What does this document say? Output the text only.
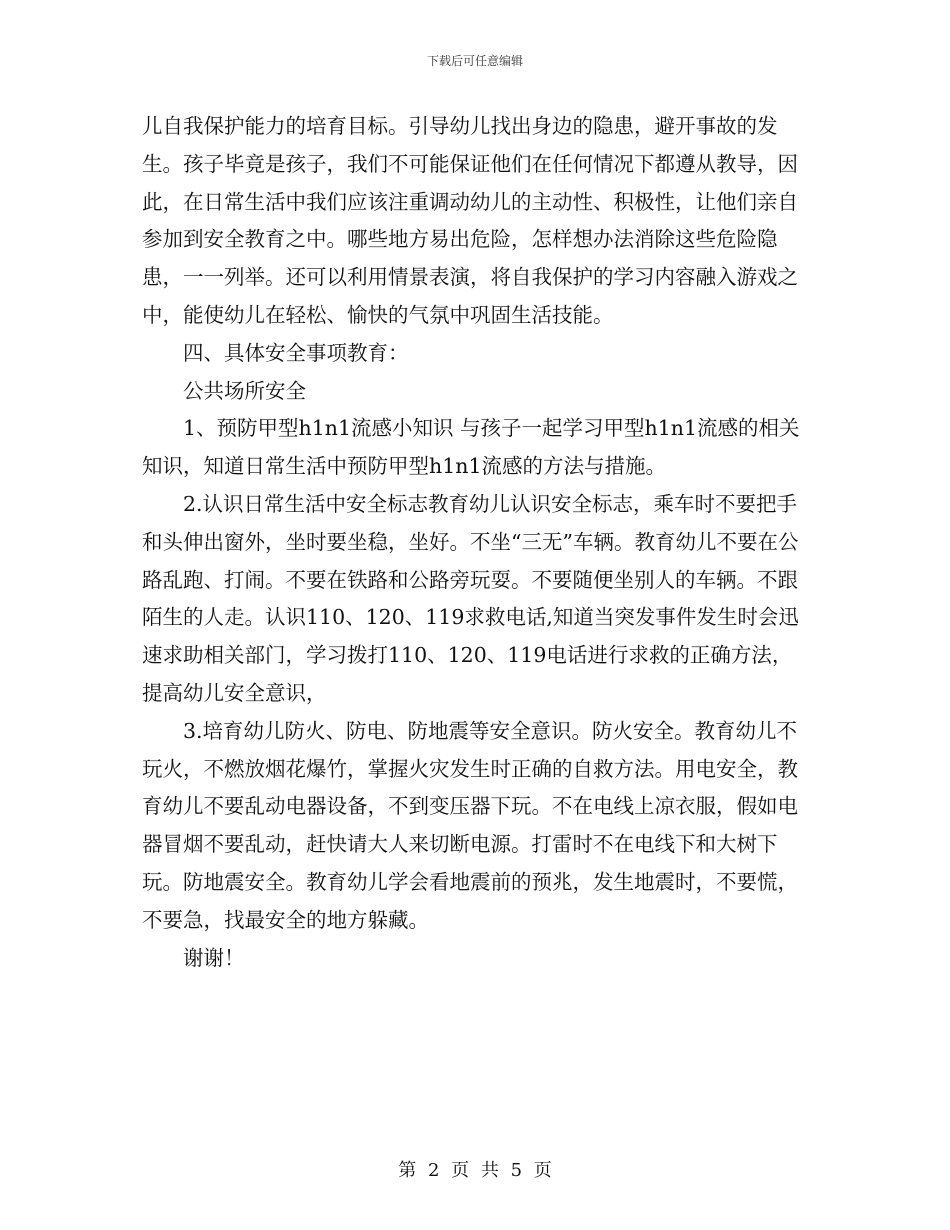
下载后可任意编辑

儿自我保护能力的培育目标。引导幼儿找出身边的隐患，避开事故的发生。孩子毕竟是孩子，我们不可能保证他们在任何情况下都遵从教导，因此，在日常生活中我们应该注重调动幼儿的主动性、积极性，让他们亲自参加到安全教育之中。哪些地方易出危险，怎样想办法消除这些危险隐患，一一列举。还可以利用情景表演，将自我保护的学习内容融入游戏之中，能使幼儿在轻松、愉快的气氛中巩固生活技能。

四、具体安全事项教育：

公共场所安全

1、预防甲型h1n1流感小知识 与孩子一起学习甲型h1n1流感的相关知识，知道日常生活中预防甲型h1n1流感的方法与措施。

2.认识日常生活中安全标志教育幼儿认识安全标志，乘车时不要把手和头伸出窗外，坐时要坐稳，坐好。不坐“三无”车辆。教育幼儿不要在公路乱跑、打闹。不要在铁路和公路旁玩耍。不要随便坐别人的车辆。不跟陌生的人走。认识110、120、119求救电话,知道当突发事件发生时会迅速求助相关部门，学习拨打110、120、119电话进行求救的正确方法，提高幼儿安全意识，

3.培育幼儿防火、防电、防地震等安全意识。防火安全。教育幼儿不玩火，不燃放烟花爆竹，掌握火灾发生时正确的自救方法。用电安全，教育幼儿不要乱动电器设备，不到变压器下玩。不在电线上凉衣服，假如电器冒烟不要乱动，赶快请大人来切断电源。打雷时不在电线下和大树下玩。防地震安全。教育幼儿学会看地震前的预兆，发生地震时，不要慌，不要急，找最安全的地方躲藏。

谢谢！

第 2 页 共 5 页
